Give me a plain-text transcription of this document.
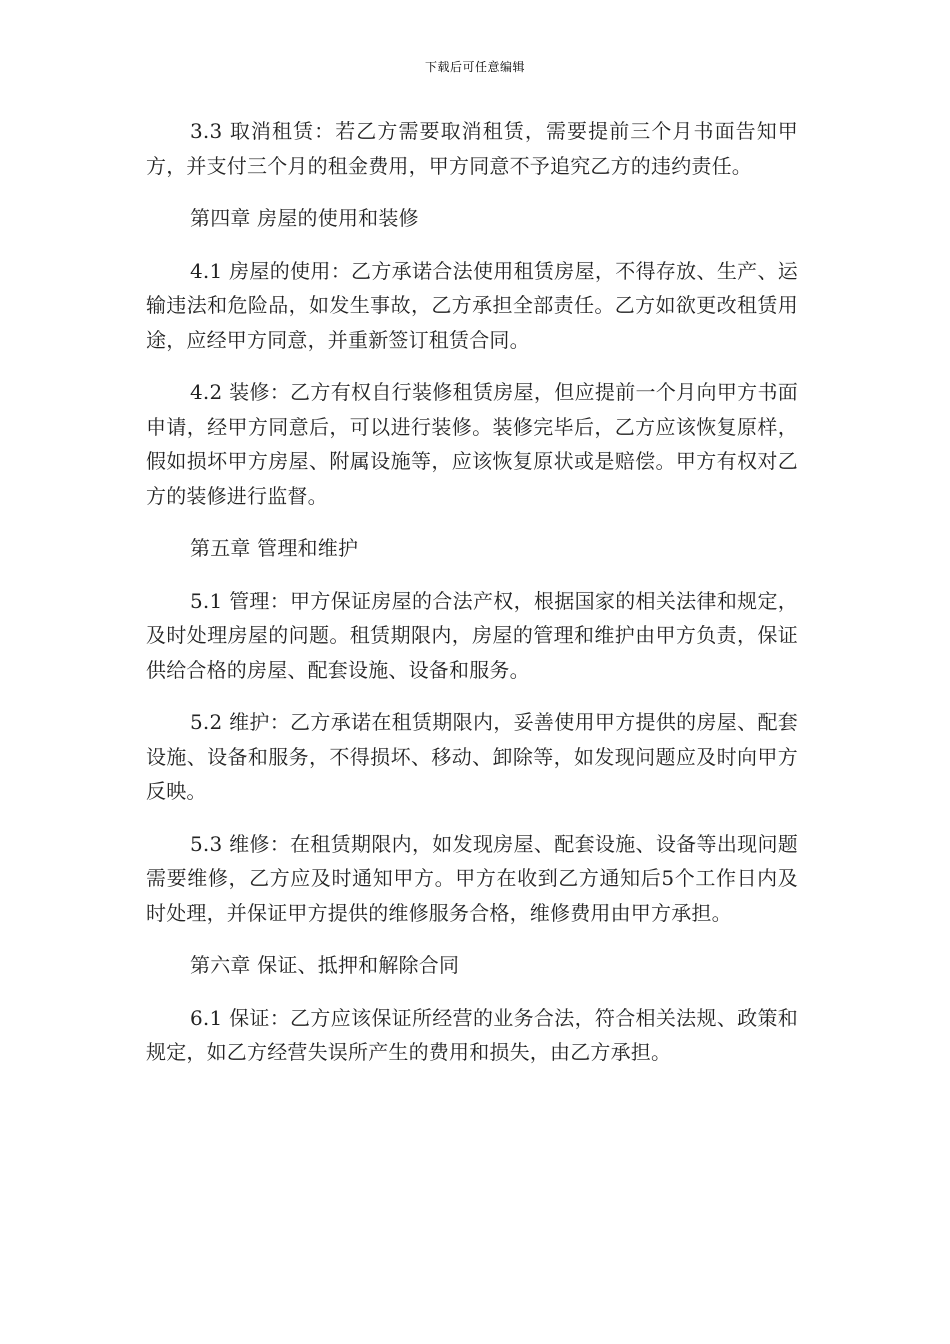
下载后可任意编辑

3.3 取消租赁：若乙方需要取消租赁，需要提前三个月书面告知甲方，并支付三个月的租金费用，甲方同意不予追究乙方的违约责任。

第四章 房屋的使用和装修

4.1 房屋的使用：乙方承诺合法使用租赁房屋，不得存放、生产、运输违法和危险品，如发生事故，乙方承担全部责任。乙方如欲更改租赁用途，应经甲方同意，并重新签订租赁合同。

4.2 装修：乙方有权自行装修租赁房屋，但应提前一个月向甲方书面申请，经甲方同意后，可以进行装修。装修完毕后，乙方应该恢复原样，假如损坏甲方房屋、附属设施等，应该恢复原状或是赔偿。甲方有权对乙方的装修进行监督。

第五章 管理和维护

5.1 管理：甲方保证房屋的合法产权，根据国家的相关法律和规定，及时处理房屋的问题。租赁期限内，房屋的管理和维护由甲方负责，保证供给合格的房屋、配套设施、设备和服务。

5.2 维护：乙方承诺在租赁期限内，妥善使用甲方提供的房屋、配套设施、设备和服务，不得损坏、移动、卸除等，如发现问题应及时向甲方反映。

5.3 维修：在租赁期限内，如发现房屋、配套设施、设备等出现问题需要维修，乙方应及时通知甲方。甲方在收到乙方通知后5个工作日内及时处理，并保证甲方提供的维修服务合格，维修费用由甲方承担。

第六章 保证、抵押和解除合同

6.1 保证：乙方应该保证所经营的业务合法，符合相关法规、政策和规定，如乙方经营失误所产生的费用和损失，由乙方承担。
